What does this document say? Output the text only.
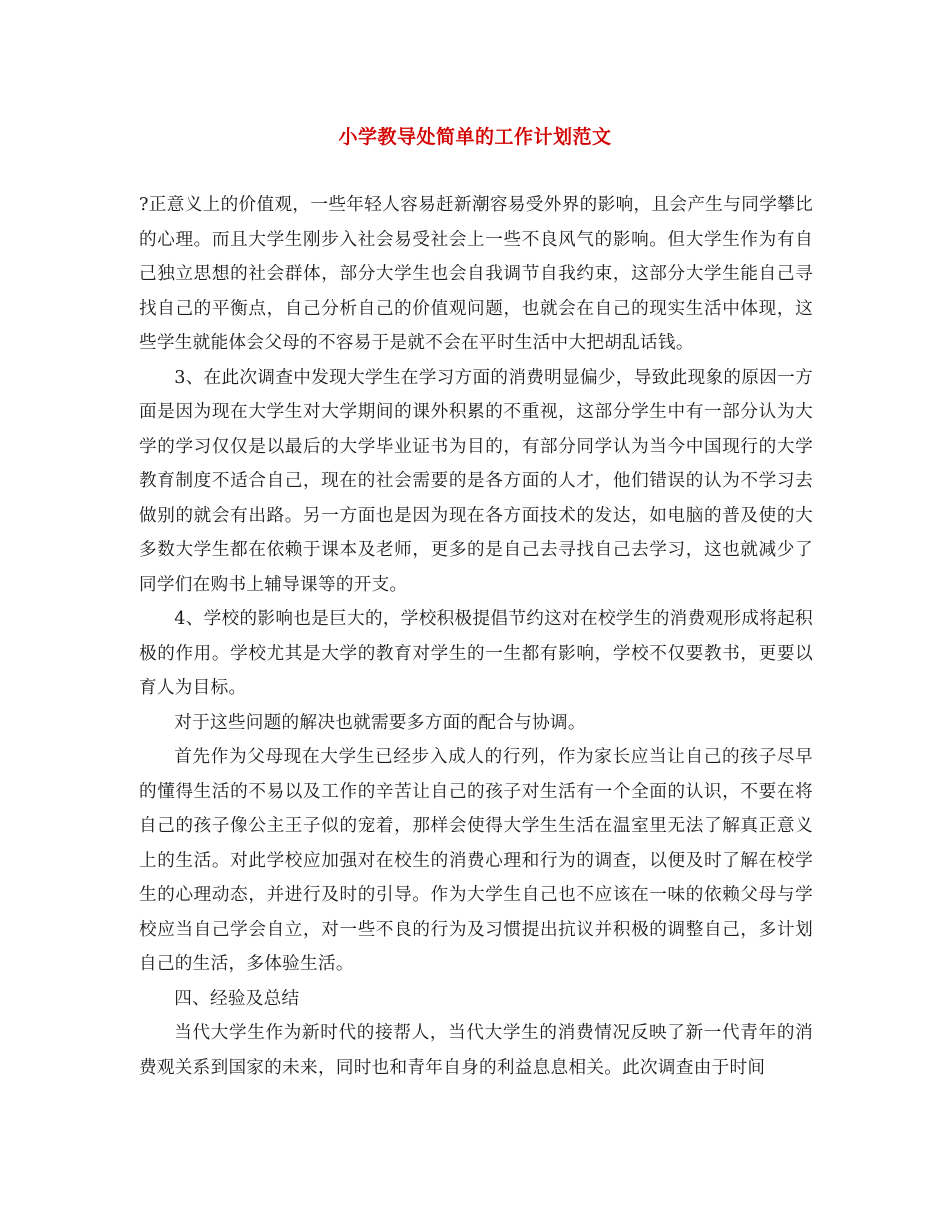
小学教导处简单的工作计划范文

?正意义上的价值观，一些年轻人容易赶新潮容易受外界的影响，且会产生与同学攀比的心理。而且大学生刚步入社会易受社会上一些不良风气的影响。但大学生作为有自己独立思想的社会群体，部分大学生也会自我调节自我约束，这部分大学生能自己寻找自己的平衡点，自己分析自己的价值观问题，也就会在自己的现实生活中体现，这些学生就能体会父母的不容易于是就不会在平时生活中大把胡乱话钱。

3、在此次调查中发现大学生在学习方面的消费明显偏少，导致此现象的原因一方面是因为现在大学生对大学期间的课外积累的不重视，这部分学生中有一部分认为大学的学习仅仅是以最后的大学毕业证书为目的，有部分同学认为当今中国现行的大学教育制度不适合自己，现在的社会需要的是各方面的人才，他们错误的认为不学习去做别的就会有出路。另一方面也是因为现在各方面技术的发达，如电脑的普及使的大多数大学生都在依赖于课本及老师，更多的是自己去寻找自己去学习，这也就减少了同学们在购书上辅导课等的开支。

4、学校的影响也是巨大的，学校积极提倡节约这对在校学生的消费观形成将起积极的作用。学校尤其是大学的教育对学生的一生都有影响，学校不仅要教书，更要以育人为目标。

对于这些问题的解决也就需要多方面的配合与协调。

首先作为父母现在大学生已经步入成人的行列，作为家长应当让自己的孩子尽早的懂得生活的不易以及工作的辛苦让自己的孩子对生活有一个全面的认识，不要在将自己的孩子像公主王子似的宠着，那样会使得大学生生活在温室里无法了解真正意义上的生活。对此学校应加强对在校生的消费心理和行为的调查，以便及时了解在校学生的心理动态，并进行及时的引导。作为大学生自己也不应该在一味的依赖父母与学校应当自己学会自立，对一些不良的行为及习惯提出抗议并积极的调整自己，多计划自己的生活，多体验生活。

四、经验及总结

当代大学生作为新时代的接帮人，当代大学生的消费情况反映了新一代青年的消费观关系到国家的未来，同时也和青年自身的利益息息相关。此次调查由于时间
